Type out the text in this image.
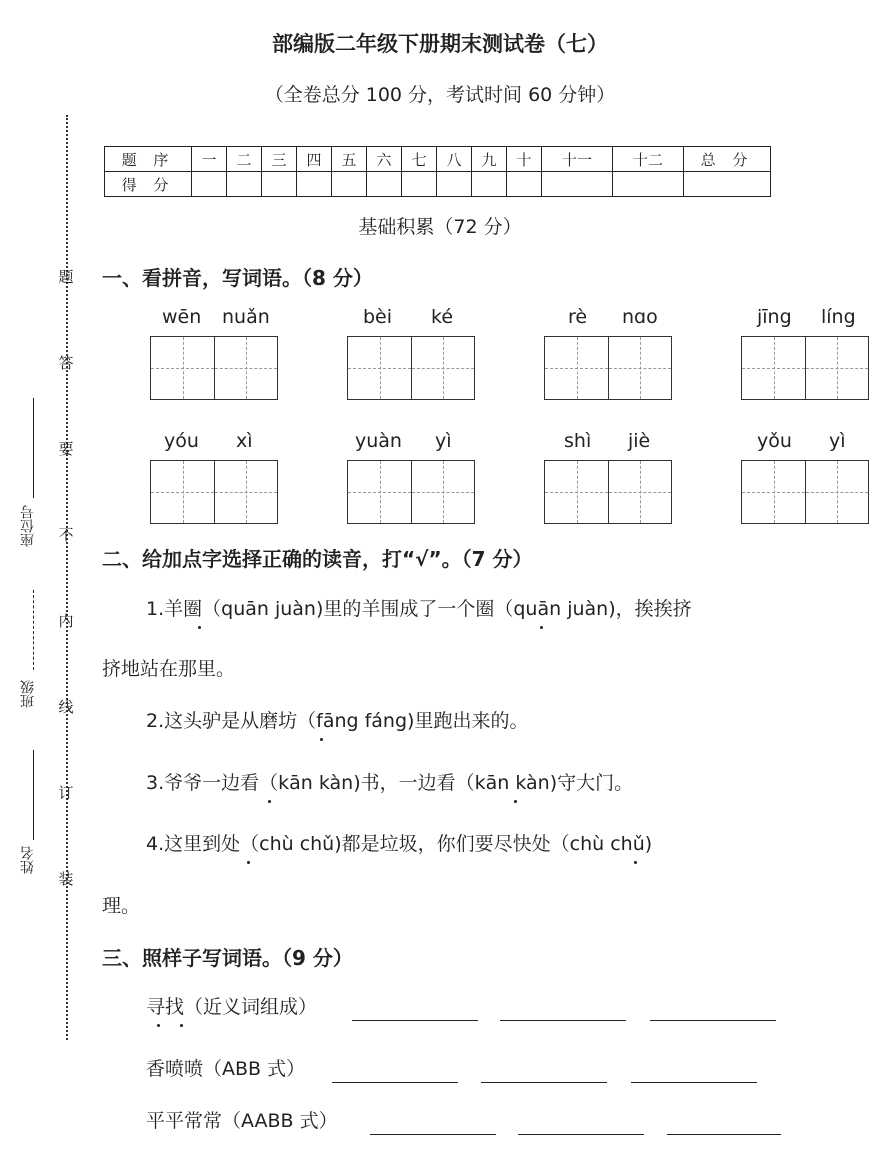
部编版二年级下册期末测试卷（七）
（全卷总分 100 分，考试时间 60 分钟）
题 序	一	二	三	四	五	六	七	八	九	十	十一	十二	总 分
得 分													
基础积累（72 分）
一、看拼音，写词语。（8 分）
wēn nuǎn	bèi ké	rè nɑo	jīng líng
yóu xì	yuàn yì	shì jiè	yǒu yì
二、给加点字选择正确的读音，打“√”。（7 分）
1.羊圈（quān juàn)里的羊围成了一个圈（quān juàn)，挨挨挤
挤地站在那里。
2.这头驴是从磨坊（fāng fáng)里跑出来的。
3.爷爷一边看（kān kàn)书，一边看（kān kàn)守大门。
4.这里到处（chù chǔ)都是垃圾，你们要尽快处（chù chǔ)
理。
三、照样子写词语。（9 分）
寻找（近义词组成）
香喷喷（ABB 式）
平平常常（AABB 式）
题
答
要
不
内
线
订
装
座位号
班级
姓名
